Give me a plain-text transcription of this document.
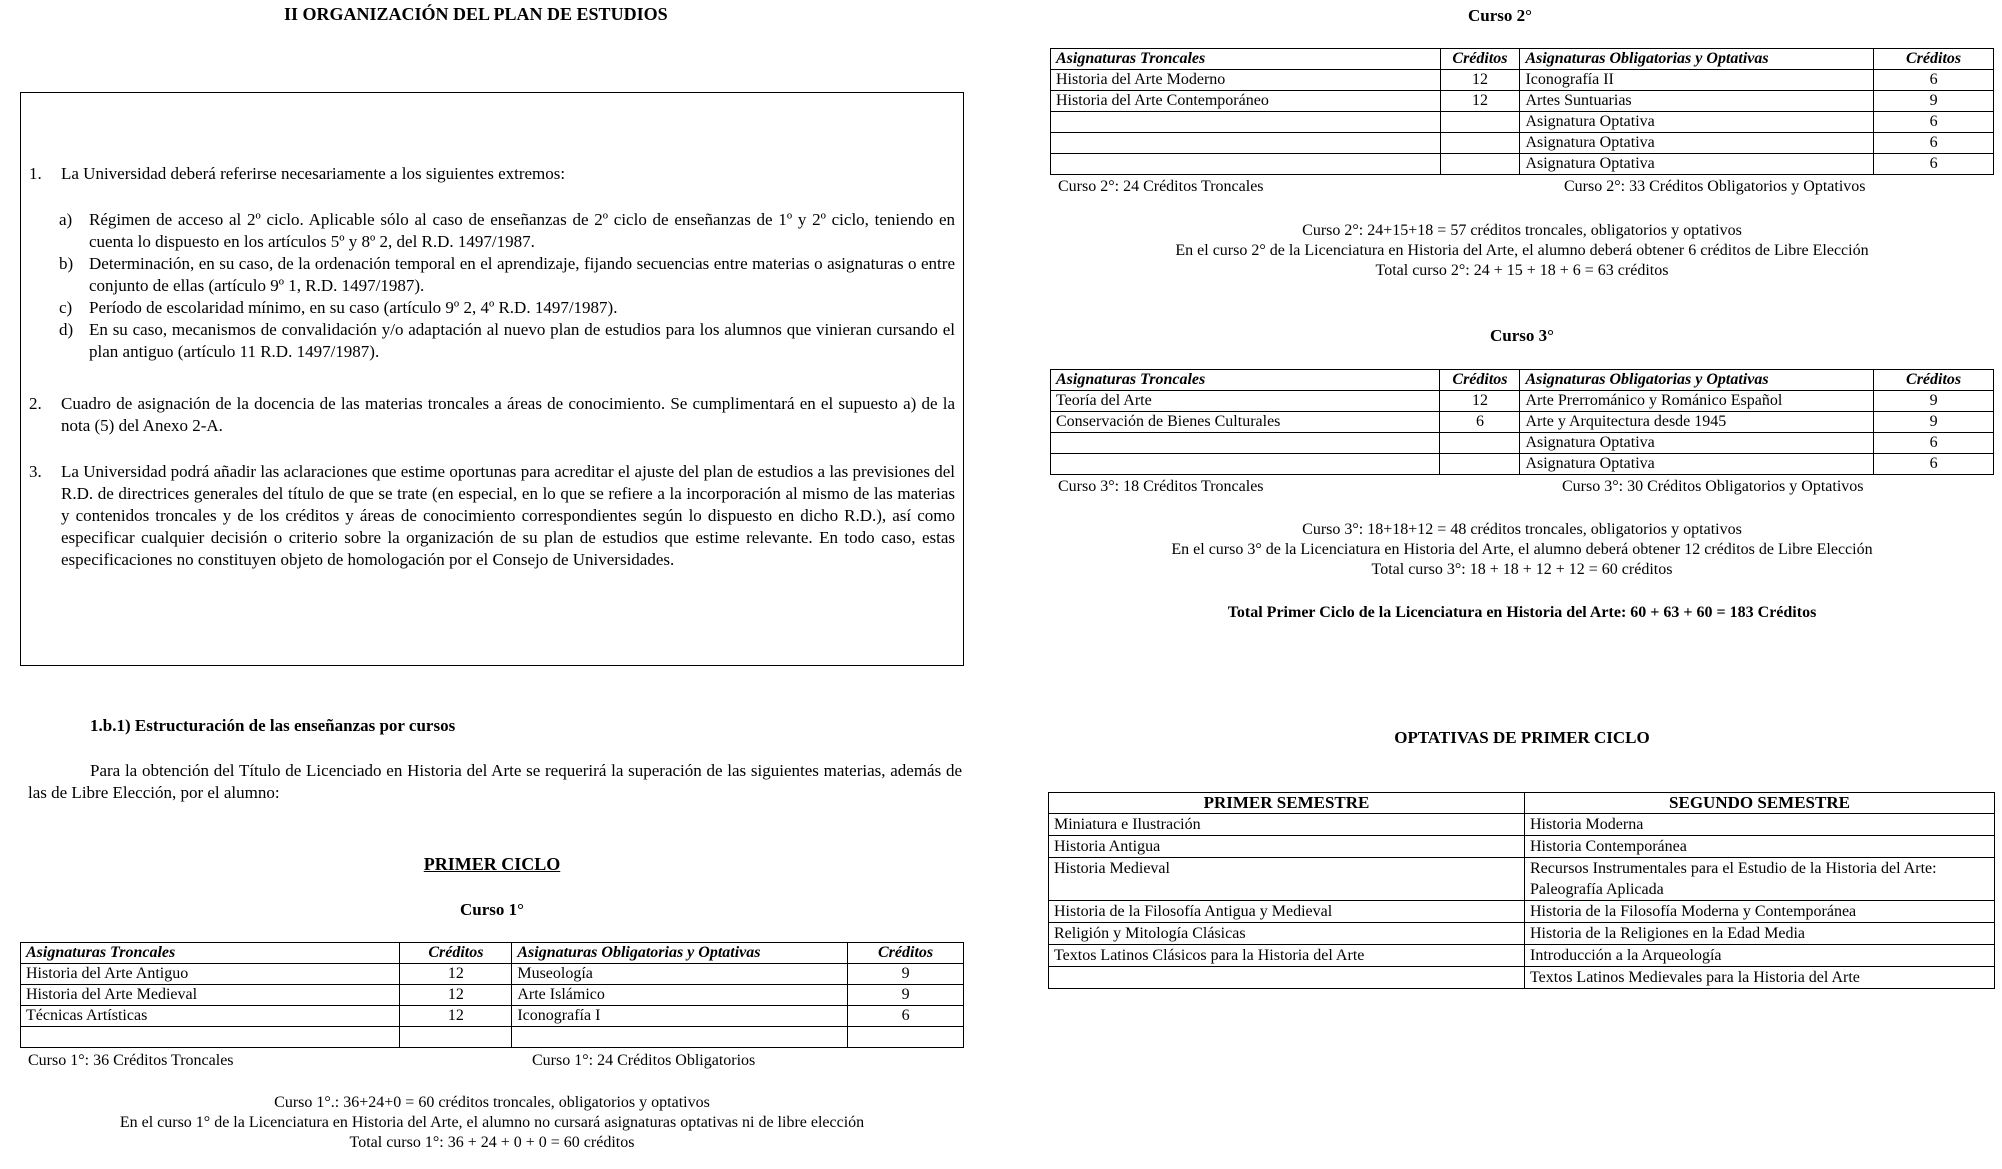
II ORGANIZACIÓN DEL PLAN DE ESTUDIOS
1. La Universidad deberá referirse necesariamente a los siguientes extremos:
a) Régimen de acceso al 2º ciclo. Aplicable sólo al caso de enseñanzas de 2º ciclo de enseñanzas de 1º y 2º ciclo, teniendo en cuenta lo dispuesto en los artículos 5º y 8º 2, del R.D. 1497/1987.
b) Determinación, en su caso, de la ordenación temporal en el aprendizaje, fijando secuencias entre materias o asignaturas o entre conjunto de ellas (artículo 9º 1, R.D. 1497/1987).
c) Período de escolaridad mínimo, en su caso (artículo 9º 2, 4º R.D. 1497/1987).
d) En su caso, mecanismos de convalidación y/o adaptación al nuevo plan de estudios para los alumnos que vinieran cursando el plan antiguo (artículo 11 R.D. 1497/1987).
2. Cuadro de asignación de la docencia de las materias troncales a áreas de conocimiento. Se cumplimentará en el supuesto a) de la nota (5) del Anexo 2-A.
3. La Universidad podrá añadir las aclaraciones que estime oportunas para acreditar el ajuste del plan de estudios a las previsiones del R.D. de directrices generales del título de que se trate (en especial, en lo que se refiere a la incorporación al mismo de las materias y contenidos troncales y de los créditos y áreas de conocimiento correspondientes según lo dispuesto en dicho R.D.), así como especificar cualquier decisión o criterio sobre la organización de su plan de estudios que estime relevante. En todo caso, estas especificaciones no constituyen objeto de homologación por el Consejo de Universidades.
1.b.1) Estructuración de las enseñanzas por cursos
Para la obtención del Título de Licenciado en Historia del Arte se requerirá la superación de las siguientes materias, además de las de Libre Elección, por el alumno:
PRIMER CICLO
Curso 1°
Asignaturas Troncales	Créditos	Asignaturas Obligatorias y Optativas	Créditos
Historia del Arte Antiguo	12	Museología	9
Historia del Arte Medieval	12	Arte Islámico	9
Técnicas Artísticas	12	Iconografía I	6

Curso 1°: 36 Créditos Troncales	Curso 1°: 24 Créditos Obligatorios
Curso 1°.: 36+24+0 = 60 créditos troncales, obligatorios y optativos
En el curso 1° de la Licenciatura en Historia del Arte, el alumno no cursará asignaturas optativas ni de libre elección
Total curso 1°: 36 + 24 + 0 + 0 = 60 créditos
Curso 2°
Asignaturas Troncales	Créditos	Asignaturas Obligatorias y Optativas	Créditos
Historia del Arte Moderno	12	Iconografía II	6
Historia del Arte Contemporáneo	12	Artes Suntuarias	9
		Asignatura Optativa	6
		Asignatura Optativa	6
		Asignatura Optativa	6
Curso 2°: 24 Créditos Troncales	Curso 2°: 33 Créditos Obligatorios y Optativos
Curso 2°: 24+15+18 = 57 créditos troncales, obligatorios y optativos
En el curso 2° de la Licenciatura en Historia del Arte, el alumno deberá obtener 6 créditos de Libre Elección
Total curso 2°: 24 + 15 + 18 + 6 = 63 créditos
Curso 3°
Asignaturas Troncales	Créditos	Asignaturas Obligatorias y Optativas	Créditos
Teoría del Arte	12	Arte Prerrománico y Románico Español	9
Conservación de Bienes Culturales	6	Arte y Arquitectura desde 1945	9
		Asignatura Optativa	6
		Asignatura Optativa	6
Curso 3°: 18 Créditos Troncales	Curso 3°: 30 Créditos Obligatorios y Optativos
Curso 3°: 18+18+12 = 48 créditos troncales, obligatorios y optativos
En el curso 3° de la Licenciatura en Historia del Arte, el alumno deberá obtener 12 créditos de Libre Elección
Total curso 3°: 18 + 18 + 12 + 12 = 60 créditos
Total Primer Ciclo de la Licenciatura en Historia del Arte: 60 + 63 + 60 = 183 Créditos
OPTATIVAS DE PRIMER CICLO
PRIMER SEMESTRE	SEGUNDO SEMESTRE
Miniatura e Ilustración	Historia Moderna
Historia Antigua	Historia Contemporánea
Historia Medieval	Recursos Instrumentales para el Estudio de la Historia del Arte: Paleografía Aplicada
Historia de la Filosofía Antigua y Medieval	Historia de la Filosofía Moderna y Contemporánea
Religión y Mitología Clásicas	Historia de la Religiones en la Edad Media
Textos Latinos Clásicos para la Historia del Arte	Introducción a la Arqueología
	Textos Latinos Medievales para la Historia del Arte
